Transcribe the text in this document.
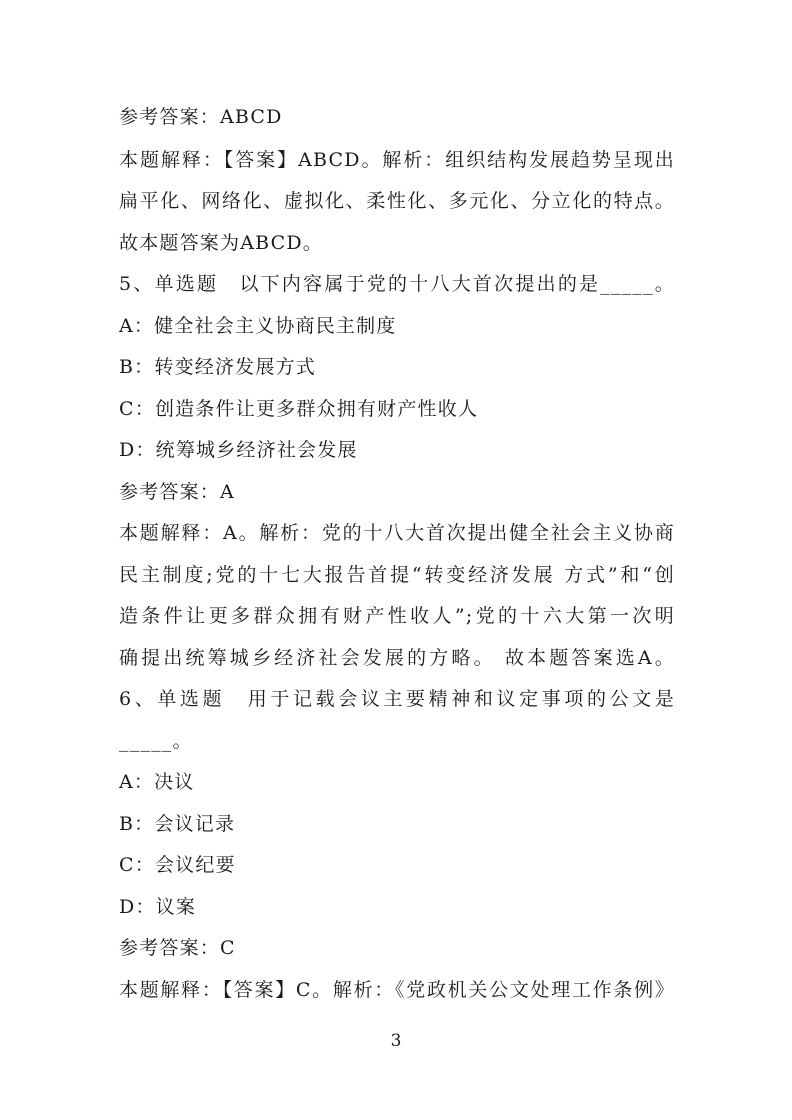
参考答案：ABCD
本题解释：【答案】ABCD。解析：组织结构发展趋势呈现出
扁平化、网络化、虚拟化、柔性化、多元化、分立化的特点。
故本题答案为ABCD。
5、单选题　以下内容属于党的十八大首次提出的是_____。
A：健全社会主义协商民主制度
B：转变经济发展方式
C：创造条件让更多群众拥有财产性收人
D：统筹城乡经济社会发展
参考答案：A
本题解释：A。解析：党的十八大首次提出健全社会主义协商
民主制度;党的十七大报告首提“转变经济发展 方式”和“创
造条件让更多群众拥有财产性收人”;党的十六大第一次明
确提出统筹城乡经济社会发展的方略。 故本题答案选A。
6、单选题　用于记载会议主要精神和议定事项的公文是
_____。
A：决议
B：会议记录
C：会议纪要
D：议案
参考答案：C
本题解释：【答案】C。解析：《党政机关公文处理工作条例》
3
